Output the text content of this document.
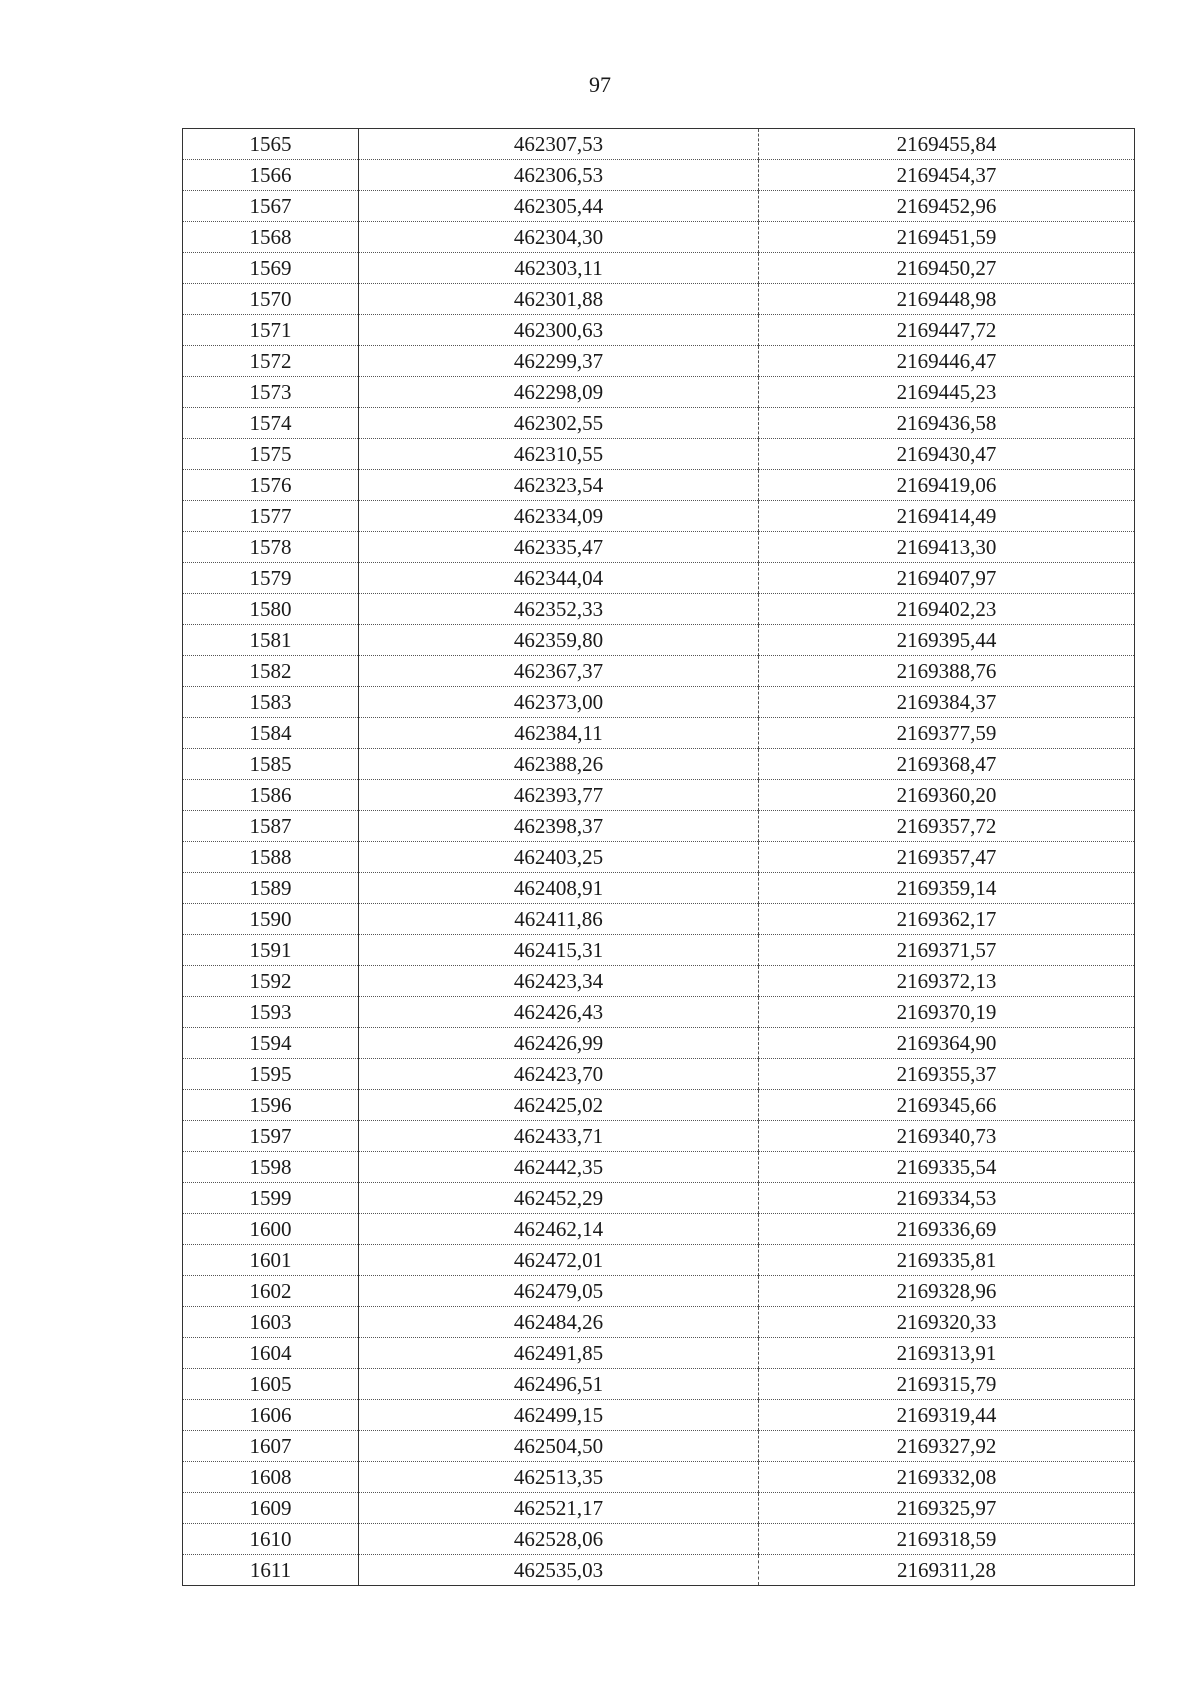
97
1565	462307,53	2169455,84
1566	462306,53	2169454,37
1567	462305,44	2169452,96
1568	462304,30	2169451,59
1569	462303,11	2169450,27
1570	462301,88	2169448,98
1571	462300,63	2169447,72
1572	462299,37	2169446,47
1573	462298,09	2169445,23
1574	462302,55	2169436,58
1575	462310,55	2169430,47
1576	462323,54	2169419,06
1577	462334,09	2169414,49
1578	462335,47	2169413,30
1579	462344,04	2169407,97
1580	462352,33	2169402,23
1581	462359,80	2169395,44
1582	462367,37	2169388,76
1583	462373,00	2169384,37
1584	462384,11	2169377,59
1585	462388,26	2169368,47
1586	462393,77	2169360,20
1587	462398,37	2169357,72
1588	462403,25	2169357,47
1589	462408,91	2169359,14
1590	462411,86	2169362,17
1591	462415,31	2169371,57
1592	462423,34	2169372,13
1593	462426,43	2169370,19
1594	462426,99	2169364,90
1595	462423,70	2169355,37
1596	462425,02	2169345,66
1597	462433,71	2169340,73
1598	462442,35	2169335,54
1599	462452,29	2169334,53
1600	462462,14	2169336,69
1601	462472,01	2169335,81
1602	462479,05	2169328,96
1603	462484,26	2169320,33
1604	462491,85	2169313,91
1605	462496,51	2169315,79
1606	462499,15	2169319,44
1607	462504,50	2169327,92
1608	462513,35	2169332,08
1609	462521,17	2169325,97
1610	462528,06	2169318,59
1611	462535,03	2169311,28
